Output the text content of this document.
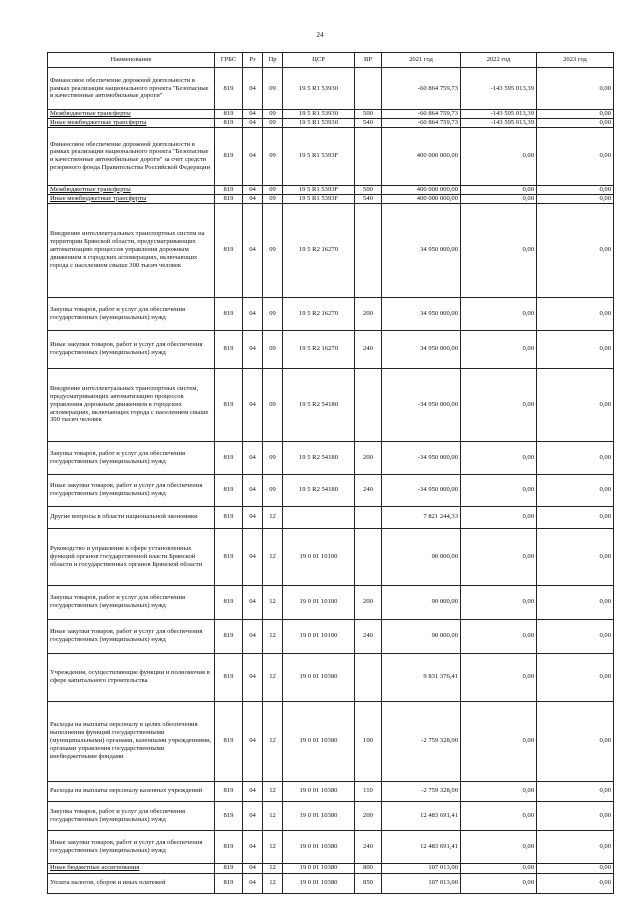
24
Наименование	ГРБС	Рз	Пр	ЦСР	ВР	2021 год	2022 год	2023 год
Финансовое обеспечение дорожной деятельности в рамках реализации национального проекта "Безопасные и качественные автомобильные дороги"	819	04	09	19 5 R1 53930		-60 864 759,73	-143 595 013,39	0,00
Межбюджетные трансферты	819	04	09	19 5 R1 53930	500	-60 864 759,73	-143 595 013,39	0,00
Иные межбюджетные трансферты	819	04	09	19 5 R1 53930	540	-60 864 759,73	-143 595 013,39	0,00
Финансовое обеспечение дорожной деятельности в рамках реализации национального проекта "Безопасные и качественные автомобильные дороги" за счет средств резервного фонда Правительства Российской Федерации	819	04	09	19 5 R1 5393F		400 000 000,00	0,00	0,00
Межбюджетные трансферты	819	04	09	19 5 R1 5393F	500	400 000 000,00	0,00	0,00
Иные межбюджетные трансферты	819	04	09	19 5 R1 5393F	540	400 000 000,00	0,00	0,00
Внедрение интеллектуальных транспортных систем на территории Брянской области, предусматривающих автоматизацию процессов управления дорожным движением в городских агломерациях, включающих города с населением свыше 300 тысяч человек	819	04	09	19 5 R2 16270		34 950 000,00	0,00	0,00
Закупка товаров, работ и услуг для обеспечения государственных (муниципальных) нужд	819	04	09	19 5 R2 16270	200	34 950 000,00	0,00	0,00
Иные закупки товаров, работ и услуг для обеспечения государственных (муниципальных) нужд	819	04	09	19 5 R2 16270	240	34 950 000,00	0,00	0,00
Внедрение интеллектуальных транспортных систем, предусматривающих автоматизацию процессов управления дорожным движением в городских агломерациях, включающих города с населением свыше 300 тысяч человек	819	04	09	19 5 R2 54180		-34 950 000,00	0,00	0,00
Закупка товаров, работ и услуг для обеспечения государственных (муниципальных) нужд	819	04	09	19 5 R2 54180	200	-34 950 000,00	0,00	0,00
Иные закупки товаров, работ и услуг для обеспечения государственных (муниципальных) нужд	819	04	09	19 5 R2 54180	240	-34 950 000,00	0,00	0,00
Другие вопросы в области национальной экономики	819	04	12			7 821 244,33	0,00	0,00
Руководство и управление в сфере установленных функций органов государственной власти Брянской области и государственных органов Брянской области	819	04	12	19 0 01 10100		90 000,00	0,00	0,00
Закупка товаров, работ и услуг для обеспечения государственных (муниципальных) нужд	819	04	12	19 0 01 10100	200	90 000,00	0,00	0,00
Иные закупки товаров, работ и услуг для обеспечения государственных (муниципальных) нужд	819	04	12	19 0 01 10100	240	90 000,00	0,00	0,00
Учреждения, осуществляющие функции и полномочия в сфере капитального строительства	819	04	12	19 0 01 10380		9 831 376,41	0,00	0,00
Расходы на выплаты персоналу в целях обеспечения выполнения функций государственными (муниципальными) органами, казенными учреждениями, органами управления государственными внебюджетными фондами	819	04	12	19 0 01 10380	100	-2 759 328,00	0,00	0,00
Расходы на выплаты персоналу казенных учреждений	819	04	12	19 0 01 10380	110	-2 759 328,00	0,00	0,00
Закупка товаров, работ и услуг для обеспечения государственных (муниципальных) нужд	819	04	12	19 0 01 10380	200	12 483 691,41	0,00	0,00
Иные закупки товаров, работ и услуг для обеспечения государственных (муниципальных) нужд	819	04	12	19 0 01 10380	240	12 483 691,41	0,00	0,00
Иные бюджетные ассигнования	819	04	12	19 0 01 10380	800	107 013,00	0,00	0,00
Уплата налогов, сборов и иных платежей	819	04	12	19 0 01 10380	850	107 013,00	0,00	0,00
